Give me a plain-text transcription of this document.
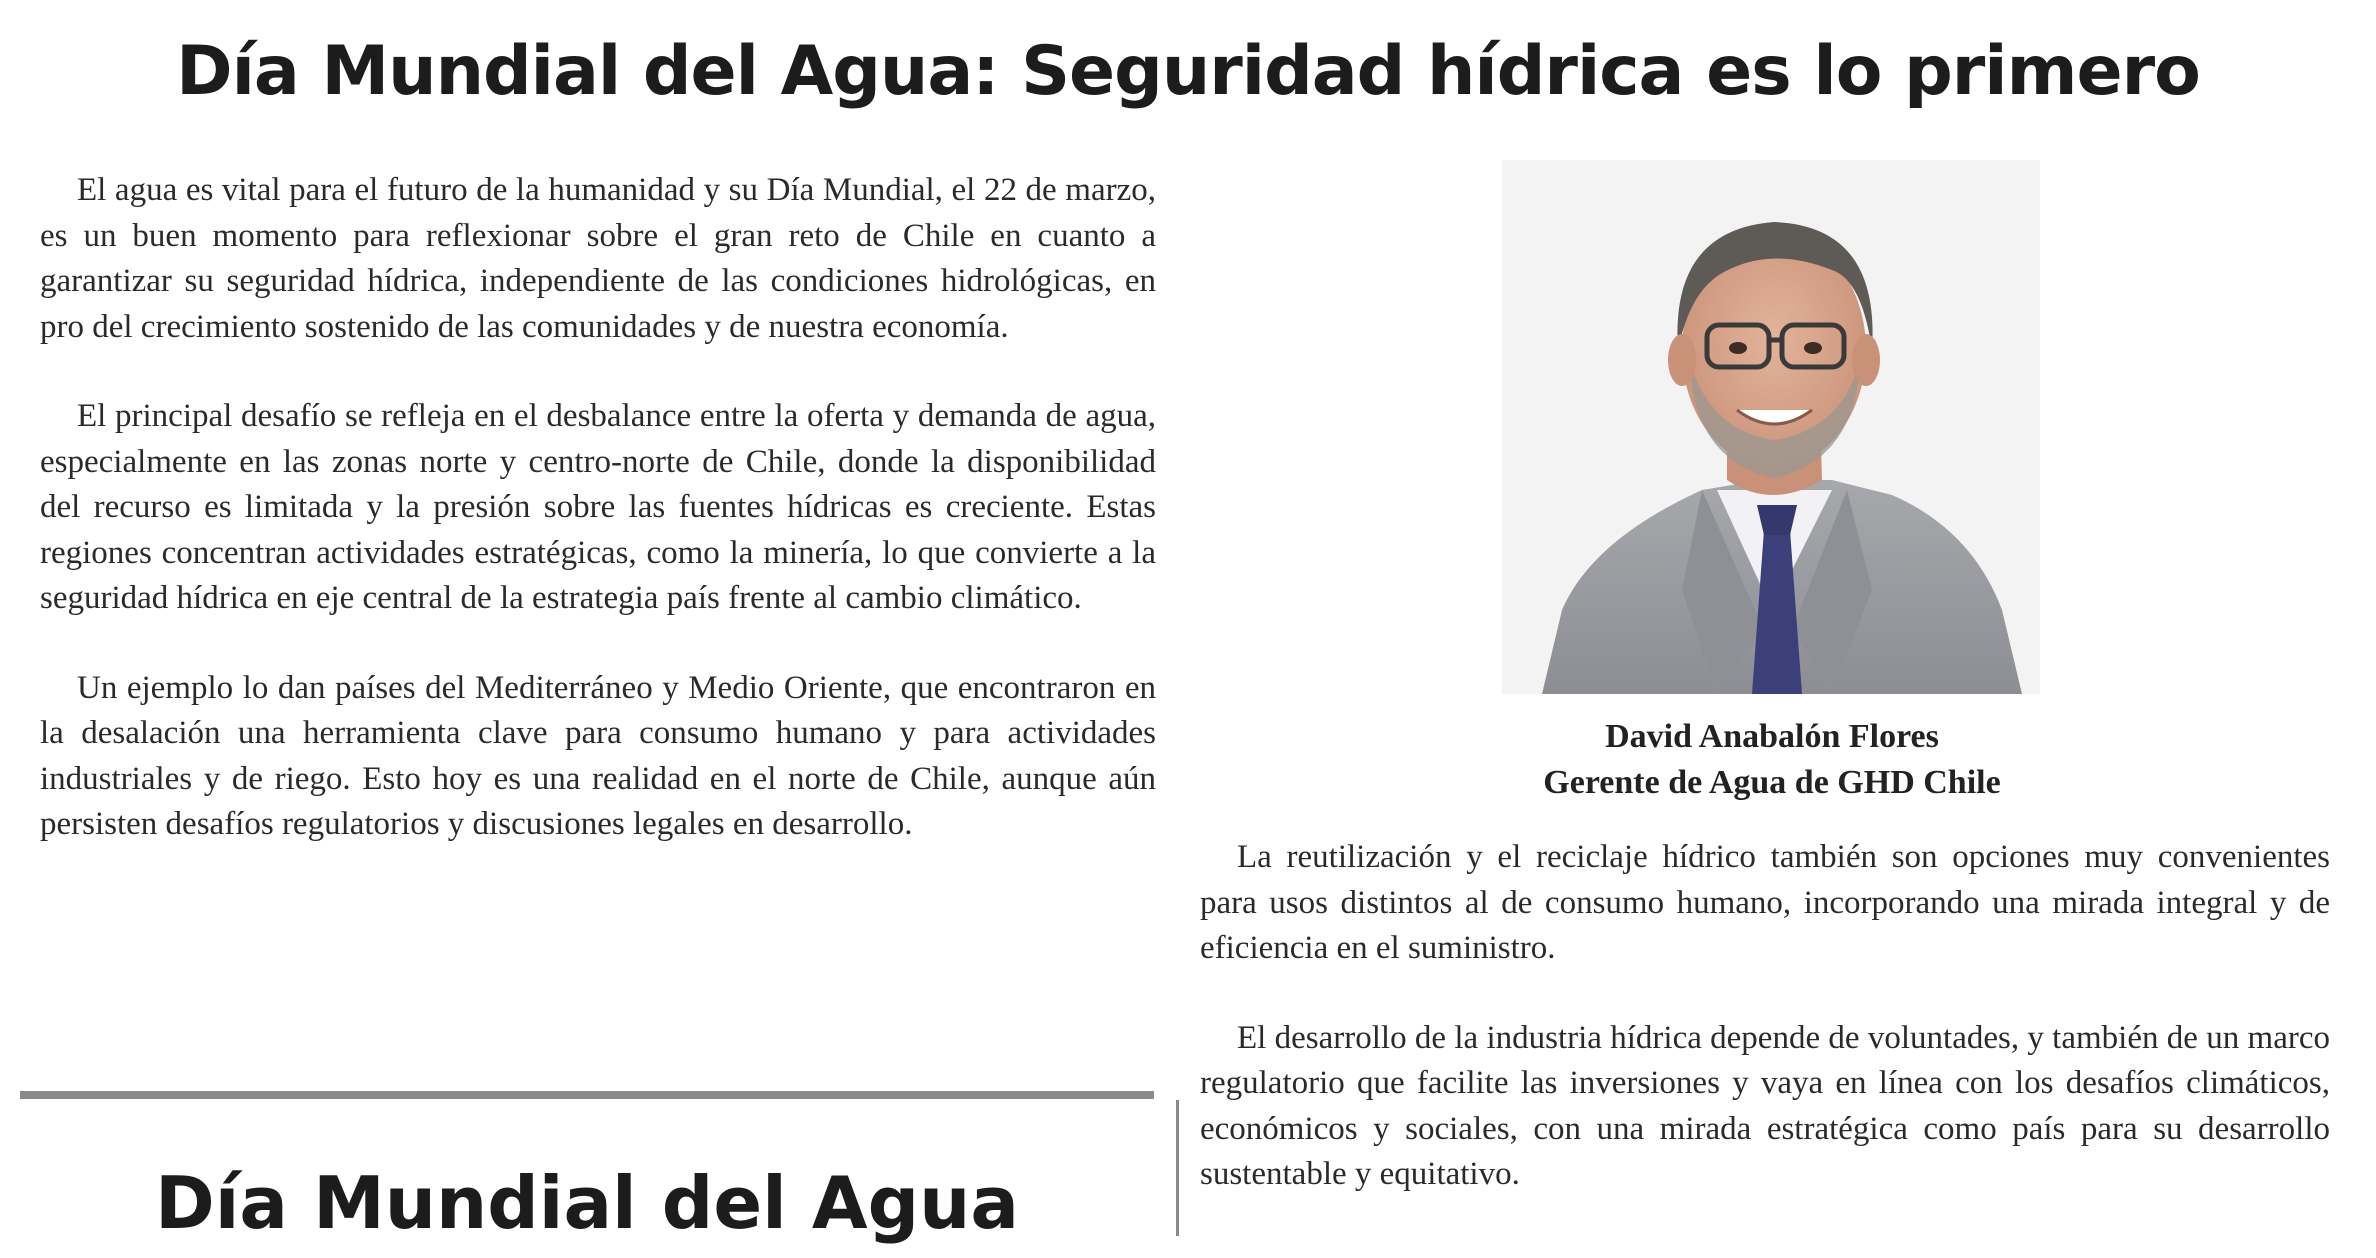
Día Mundial del Agua: Seguridad hídrica es lo primero

El agua es vital para el futuro de la humanidad y su Día Mundial, el 22 de marzo, es un buen momento para reflexionar sobre el gran reto de Chile en cuanto a garantizar su seguridad hídrica, independiente de las condiciones hidrológicas, en pro del crecimiento sostenido de las comunidades y de nuestra economía.

El principal desafío se refleja en el desbalance entre la oferta y demanda de agua, especialmente en las zonas norte y centro-norte de Chile, donde la disponibilidad del recurso es limitada y la presión sobre las fuentes hídricas es creciente. Estas regiones concentran actividades estratégicas, como la minería, lo que convierte a la seguridad hídrica en eje central de la estrategia país frente al cambio climático.

Un ejemplo lo dan países del Mediterráneo y Medio Oriente, que encontraron en la desalación una herramienta clave para consumo humano y para actividades industriales y de riego. Esto hoy es una realidad en el norte de Chile, aunque aún persisten desafíos regulatorios y discusiones legales en desarrollo.

David Anabalón Flores
Gerente de Agua de GHD Chile

La reutilización y el reciclaje hídrico también son opciones muy convenientes para usos distintos al de consumo humano, incorporando una mirada integral y de eficiencia en el suministro.

El desarrollo de la industria hídrica depende de voluntades, y también de un marco regulatorio que facilite las inversiones y vaya en línea con los desafíos climáticos, económicos y sociales, con una mirada estratégica como país para su desarrollo sustentable y equitativo.

Día Mundial del Agua
